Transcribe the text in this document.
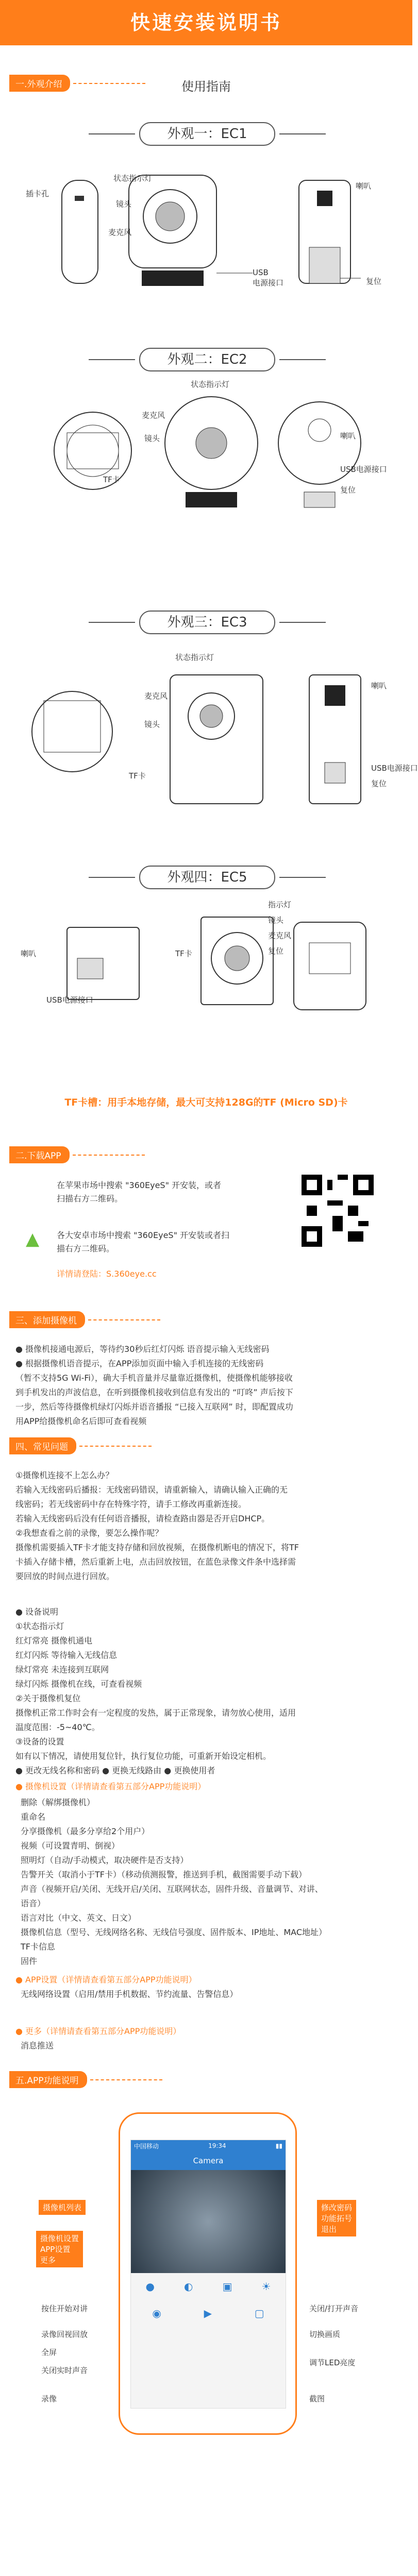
快速安装说明书
一.外观介绍	使用指南
外观一：EC1
插卡孔
状态指示灯
镜头
麦克风
USB
电源接口
喇叭
复位
外观二：EC2
状态指示灯
麦克风
镜头
TF卡
喇叭
USB电源接口
复位
外观三：EC3
状态指示灯
麦克风
镜头
TF卡
喇叭
USB电源接口
复位
外观四：EC5
指示灯
镜头
麦克风
复位
喇叭	TF卡
USB电源接口
TF卡槽：用手本地存储，最大可支持128G的TF (Micro SD)卡
二.下载APP
在苹果市场中搜索 "360EyeS" 开安装，或者扫描右方二维码。
▲ 各大安卓市场中搜索 "360EyeS" 开安装或者扫描右方二维码。
详情请登陆：S.360eye.cc
三、添加摄像机
● 摄像机接通电源后，等待约30秒后红灯闪烁 语音提示输入无线密码
● 根据摄像机语音提示，在APP添加页面中输入手机连接的无线密码
（暂不支持5G Wi-Fi），确大手机音量并尽量靠近摄像机，使摄像机能够接收
到手机发出的声波信息，在听到摄像机接收到信息有发出的 “叮咚” 声后按下
一步，然后等待摄像机绿灯闪烁并语音播报 “已接入互联网” 时，即配置成功
用APP给摄像机命名后即可查看视频
四、常见问题
①摄像机连接不上怎么办？
若输入无线密码后播报：无线密码错误，请重新输入，请确认输入正确的无
线密码；若无线密码中存在特殊字符，请手工修改再重新连接。
若输入无线密码后没有任何语音播报，请检查路由器是否开启DHCP。
②我想查看之前的录像，要怎么操作呢？
摄像机需要插入TF卡才能支持存储和回放视频，在摄像机断电的情况下，将TF
卡插入存储卡槽，然后重新上电，点击回放按钮，在蓝色录像文件条中选择需
要回放的时间点进行回放。
● 设备说明
①状态指示灯
红灯常亮 摄像机通电
红灯闪烁 等待输入无线信息
绿灯常亮 未连接到互联网
绿灯闪烁 摄像机在线，可查看视频
②关于摄像机复位
摄像机正常工作时会有一定程度的发热，属于正常现象，请勿放心使用，适用
温度范围：-5~40℃。
③设备的设置
如有以下情况，请使用复位针，执行复位功能，可重新开始设定相机。
● 更改无线名称和密码 ● 更换无线路由 ● 更换使用者
● 摄像机设置（详情请查看第五部分APP功能说明）
删除（解绑摄像机）
重命名
分享摄像机（最多分享给2个用户）
视频（可设置青明、倒视）
照明灯（自动/手动模式，取决硬件是否支持）
告警开关（取消小于TF卡）（移动侦测报警，推送到手机，截图需要手动下载）
声音（视频开启/关闭、无线开启/关闭、互联网状态，固件升级、音量调节、对讲、
语音）
语言对比（中文、英文、日文）
摄像机信息（型号、无线网络名称、无线信号强度、固件版本、IP地址、MAC地址）
TF卡信息
固件
● APP设置（详情请查看第五部分APP功能说明）
无线网络设置（启用/禁用手机数据、节约流量、告警信息）
● 更多（详情请查看第五部分APP功能说明）
消息推送
五.APP功能说明
中国移动	19:34	▮▮
Camera
●	◐	▣	☀
◉	▶	▢
摄像机列表
摄像机设置
APP设置
更多
修改密码
功能拓号
退出
按住开始对讲
录像回视回放
全屏
关闭实时声音
录像
关闭/打开声音
切换画质
调节LED亮度
截图
